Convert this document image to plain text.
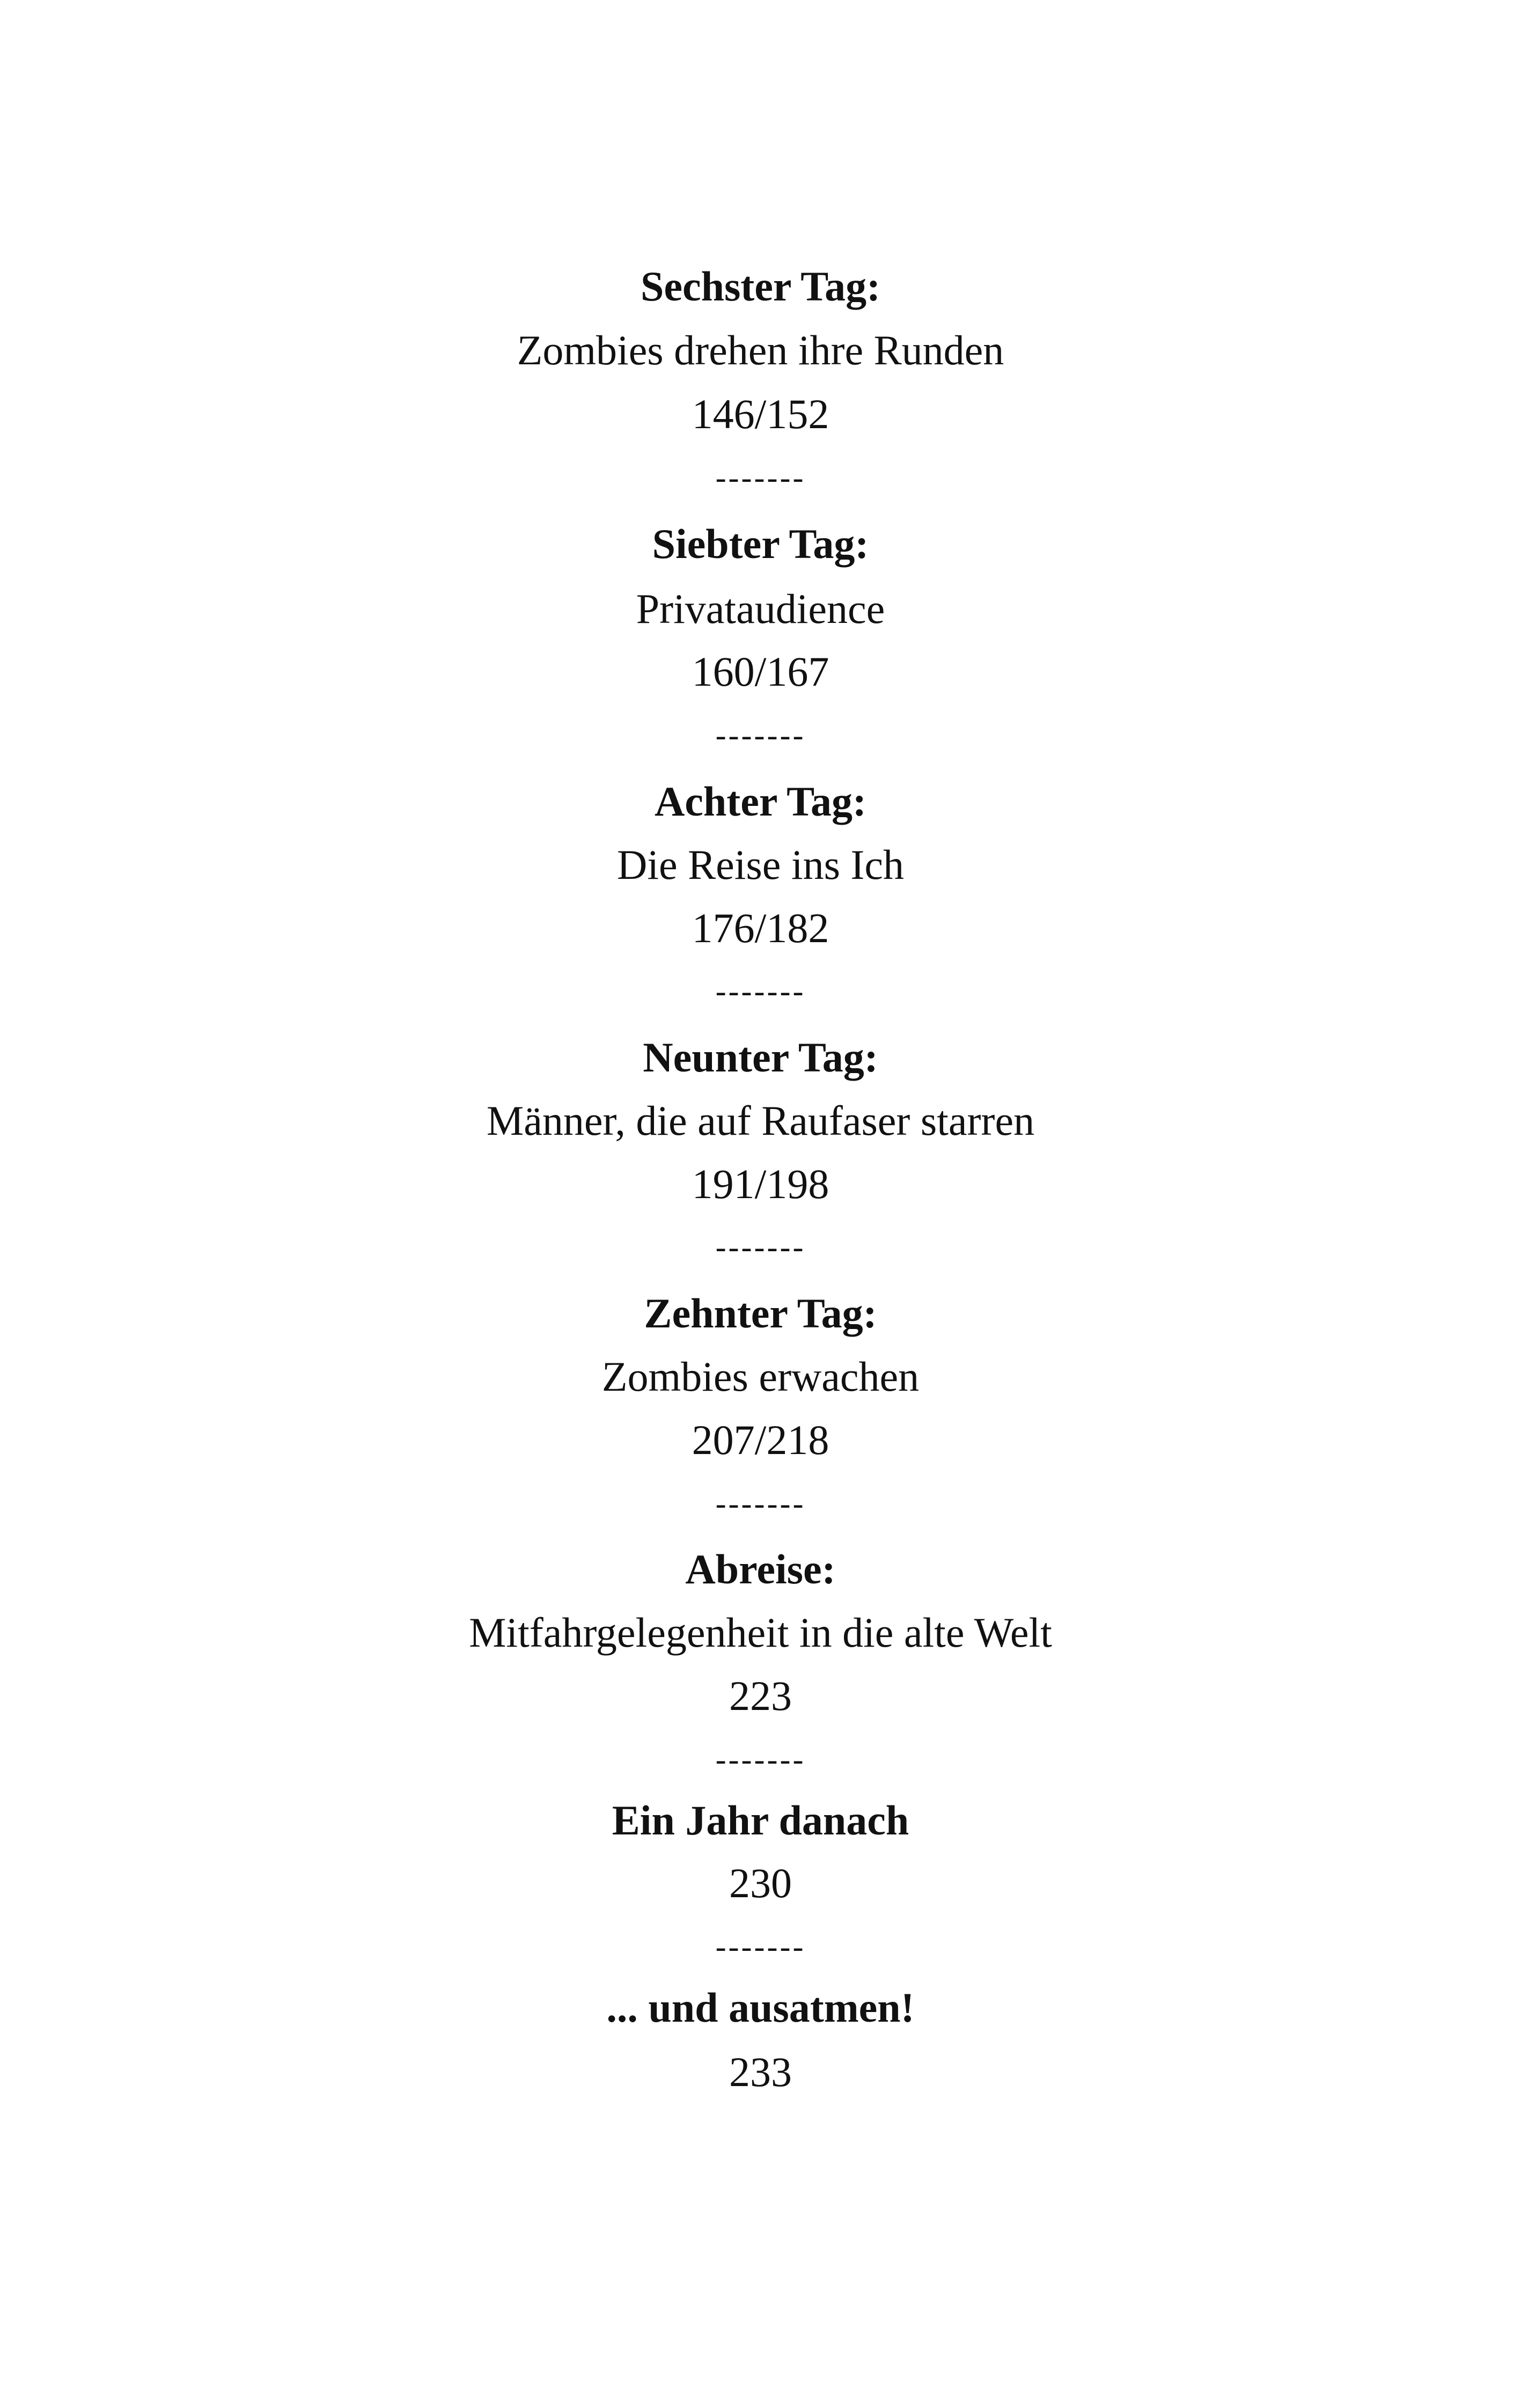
Sechster Tag:
Zombies drehen ihre Runden
146/152
-------
Siebter Tag:
Privataudience
160/167
-------
Achter Tag:
Die Reise ins Ich
176/182
-------
Neunter Tag:
Männer, die auf Raufaser starren
191/198
-------
Zehnter Tag:
Zombies erwachen
207/218
-------
Abreise:
Mitfahrgelegenheit in die alte Welt
223
-------
Ein Jahr danach
230
-------
... und ausatmen!
233
